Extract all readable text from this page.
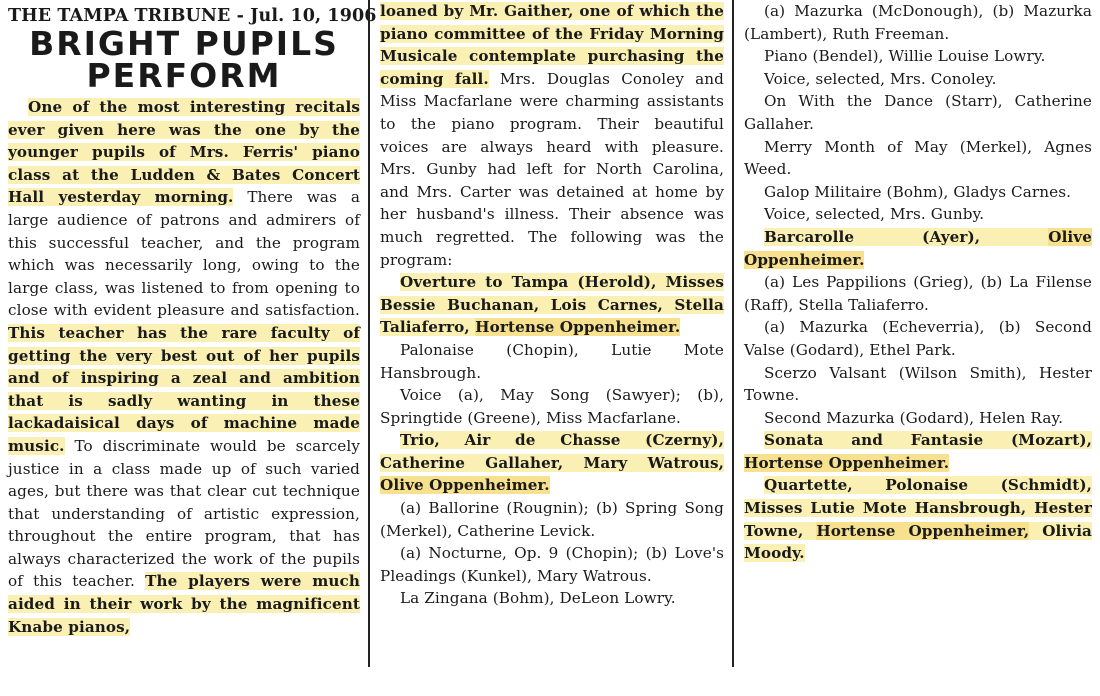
THE TAMPA TRIBUNE - Jul. 10, 1906
BRIGHT PUPILS
PERFORM

One of the most interesting recitals ever given here was the one by the younger pupils of Mrs. Ferris' piano class at the Ludden & Bates Concert Hall yesterday morning. There was a large audience of patrons and admirers of this successful teacher, and the program which was necessarily long, owing to the large class, was listened to from opening to close with evident pleasure and satisfaction. This teacher has the rare faculty of getting the very best out of her pupils and of inspiring a zeal and ambition that is sadly wanting in these lackadaisical days of machine made music. To discriminate would be scarcely justice in a class made up of such varied ages, but there was that clear cut technique that understanding of artistic expression, throughout the entire program, that has always characterized the work of the pupils of this teacher. The players were much aided in their work by the magnificent Knabe pianos,

loaned by Mr. Gaither, one of which the piano committee of the Friday Morning Musicale contemplate purchasing the coming fall. Mrs. Douglas Conoley and Miss Macfarlane were charming assistants to the piano program. Their beautiful voices are always heard with pleasure. Mrs. Gunby had left for North Carolina, and Mrs. Carter was detained at home by her husband's illness. Their absence was much regretted. The following was the program:

Overture to Tampa (Herold), Misses Bessie Buchanan, Lois Carnes, Stella Taliaferro, Hortense Oppenheimer.

Palonaise (Chopin), Lutie Mote Hansbrough.

Voice (a), May Song (Sawyer); (b), Springtide (Greene), Miss Macfarlane.

Trio, Air de Chasse (Czerny), Catherine Gallaher, Mary Watrous, Olive Oppenheimer.

(a) Ballorine (Rougnin); (b) Spring Song (Merkel), Catherine Levick.

(a) Nocturne, Op. 9 (Chopin); (b) Love's Pleadings (Kunkel), Mary Watrous.

La Zingana (Bohm), DeLeon Lowry.

(a) Mazurka (McDonough), (b) Mazurka (Lambert), Ruth Freeman.

Piano (Bendel), Willie Louise Lowry.

Voice, selected, Mrs. Conoley.

On With the Dance (Starr), Catherine Gallaher.

Merry Month of May (Merkel), Agnes Weed.

Galop Militaire (Bohm), Gladys Carnes.

Voice, selected, Mrs. Gunby.

Barcarolle (Ayer), Olive Oppenheimer.

(a) Les Pappilions (Grieg), (b) La Filense (Raff), Stella Taliaferro.

(a) Mazurka (Echeverria), (b) Second Valse (Godard), Ethel Park.

Scerzo Valsant (Wilson Smith), Hester Towne.

Second Mazurka (Godard), Helen Ray.

Sonata and Fantasie (Mozart), Hortense Oppenheimer.

Quartette, Polonaise (Schmidt), Misses Lutie Mote Hansbrough, Hester Towne, Hortense Oppenheimer, Olivia Moody.
